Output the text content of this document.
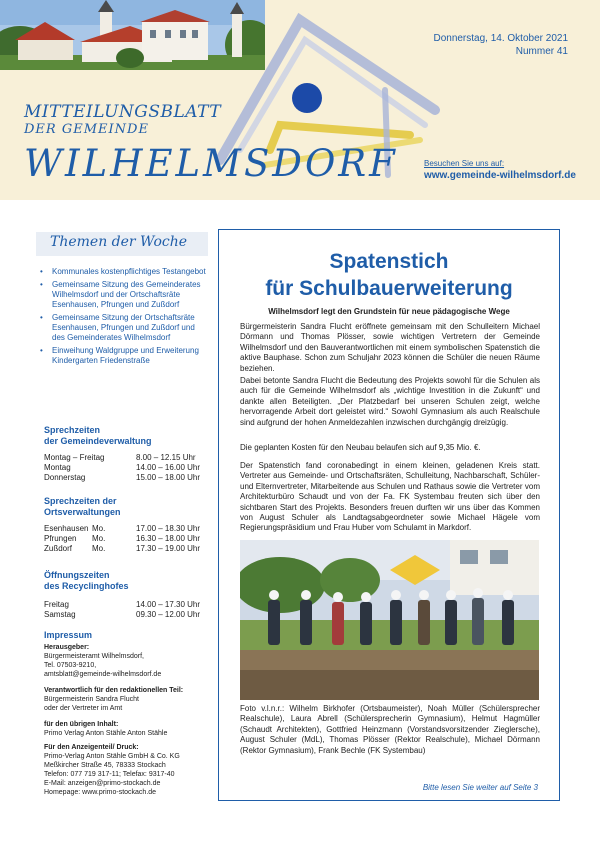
MITTEILUNGSBLATT
DER GEMEINDE
WILHELMSDORF
Donnerstag, 14. Oktober 2021
Nummer 41
Besuchen Sie uns auf:
www.gemeinde-wilhelmsdorf.de
Themen der Woche
• Kommunales kostenpflichtiges Testangebot
• Gemeinsame Sitzung des Gemeinderates Wilhelmsdorf und der Ortschaftsräte Esenhausen, Pfrungen und Zußdorf
• Gemeinsame Sitzung der Ortschaftsräte Esenhausen, Pfrungen und Zußdorf und des Gemeinderates Wilhelmsdorf
• Einweihung Waldgruppe und Erweiterung Kindergarten Friedenstraße
Sprechzeiten
der Gemeindeverwaltung
Montag – Freitag	8.00 – 12.15 Uhr
Montag	14.00 – 16.00 Uhr
Donnerstag	15.00 – 18.00 Uhr
Sprechzeiten der
Ortsverwaltungen
Esenhausen Mo.	17.00 – 18.30 Uhr
Pfrungen Mo.	16.30 – 18.00 Uhr
Zußdorf Mo.	17.30 – 19.00 Uhr
Öffnungszeiten
des Recyclinghofes
Freitag	14.00 – 17.30 Uhr
Samstag	09.30 – 12.00 Uhr
Impressum
Herausgeber:
Bürgermeisteramt Wilhelmsdorf,
Tel. 07503-9210,
amtsblatt@gemeinde-wilhelmsdorf.de
Verantwortlich für den redaktionellen Teil:
Bürgermeisterin Sandra Flucht
oder der Vertreter im Amt
für den übrigen Inhalt:
Primo Verlag Anton Stähle Anton Stähle
Für den Anzeigenteil/ Druck:
Primo-Verlag Anton Stähle GmbH & Co. KG
Meßkircher Straße 45, 78333 Stockach
Telefon: 077 719 317-11; Telefax: 9317-40
E-Mail: anzeigen@primo-stockach.de
Homepage: www.primo-stockach.de
Spatenstich
für Schulbauerweiterung
Wilhelmsdorf legt den Grundstein für neue pädagogische Wege
Bürgermeisterin Sandra Flucht eröffnete gemeinsam mit den Schulleitern Michael Dörmann und Thomas Plösser, sowie wichtigen Vertretern der Gemeinde Wilhelmsdorf und den Bauverantwortlichen mit einem symbolischen Spatenstich die aktive Bauphase. Schon zum Schuljahr 2023 können die Schüler die neuen Räume beziehen.
Dabei betonte Sandra Flucht die Bedeutung des Projekts sowohl für die Schulen als auch für die Gemeinde Wilhelmsdorf als „wichtige Investition in die Zukunft“ und dankte allen Beteiligten. „Der Platzbedarf bei unseren Schulen zeigt, welche hervorragende Arbeit dort geleistet wird.“ Sowohl Gymnasium als auch Realschule sind aufgrund der hohen Anmeldezahlen inzwischen durchgängig dreizügig.
Die geplanten Kosten für den Neubau belaufen sich auf 9,35 Mio. €.
Der Spatenstich fand coronabedingt in einem kleinen, geladenen Kreis statt. Vertreter aus Gemeinde- und Ortschaftsräten, Schulleitung, Nachbarschaft, Schüler- und Elternvertreter, Mitarbeitende aus Schulen und Rathaus sowie die Vertreter vom Architekturbüro Schaudt und von der Fa. FK Systembau freuten sich über den sichtbaren Start des Projekts. Besonders freuen durften wir uns über das Kommen von August Schuler als Landtagsabgeordneter sowie Michael Hägele vom Regierungspräsidium und Frau Huber vom Schulamt in Markdorf.
Foto v.l.n.r.: Wilhelm Birkhofer (Ortsbaumeister), Noah Müller (Schülersprecher Realschule), Laura Abrell (Schülersprecherin Gymnasium), Helmut Hagmüller (Schaudt Architekten), Gottfried Heinzmann (Vorstandsvorsitzender Zieglersche), August Schuler (MdL), Thomas Plösser (Rektor Realschule), Michael Dörmann (Rektor Gymnasium), Frank Bechle (FK Systembau)
Bitte lesen Sie weiter auf Seite 3
